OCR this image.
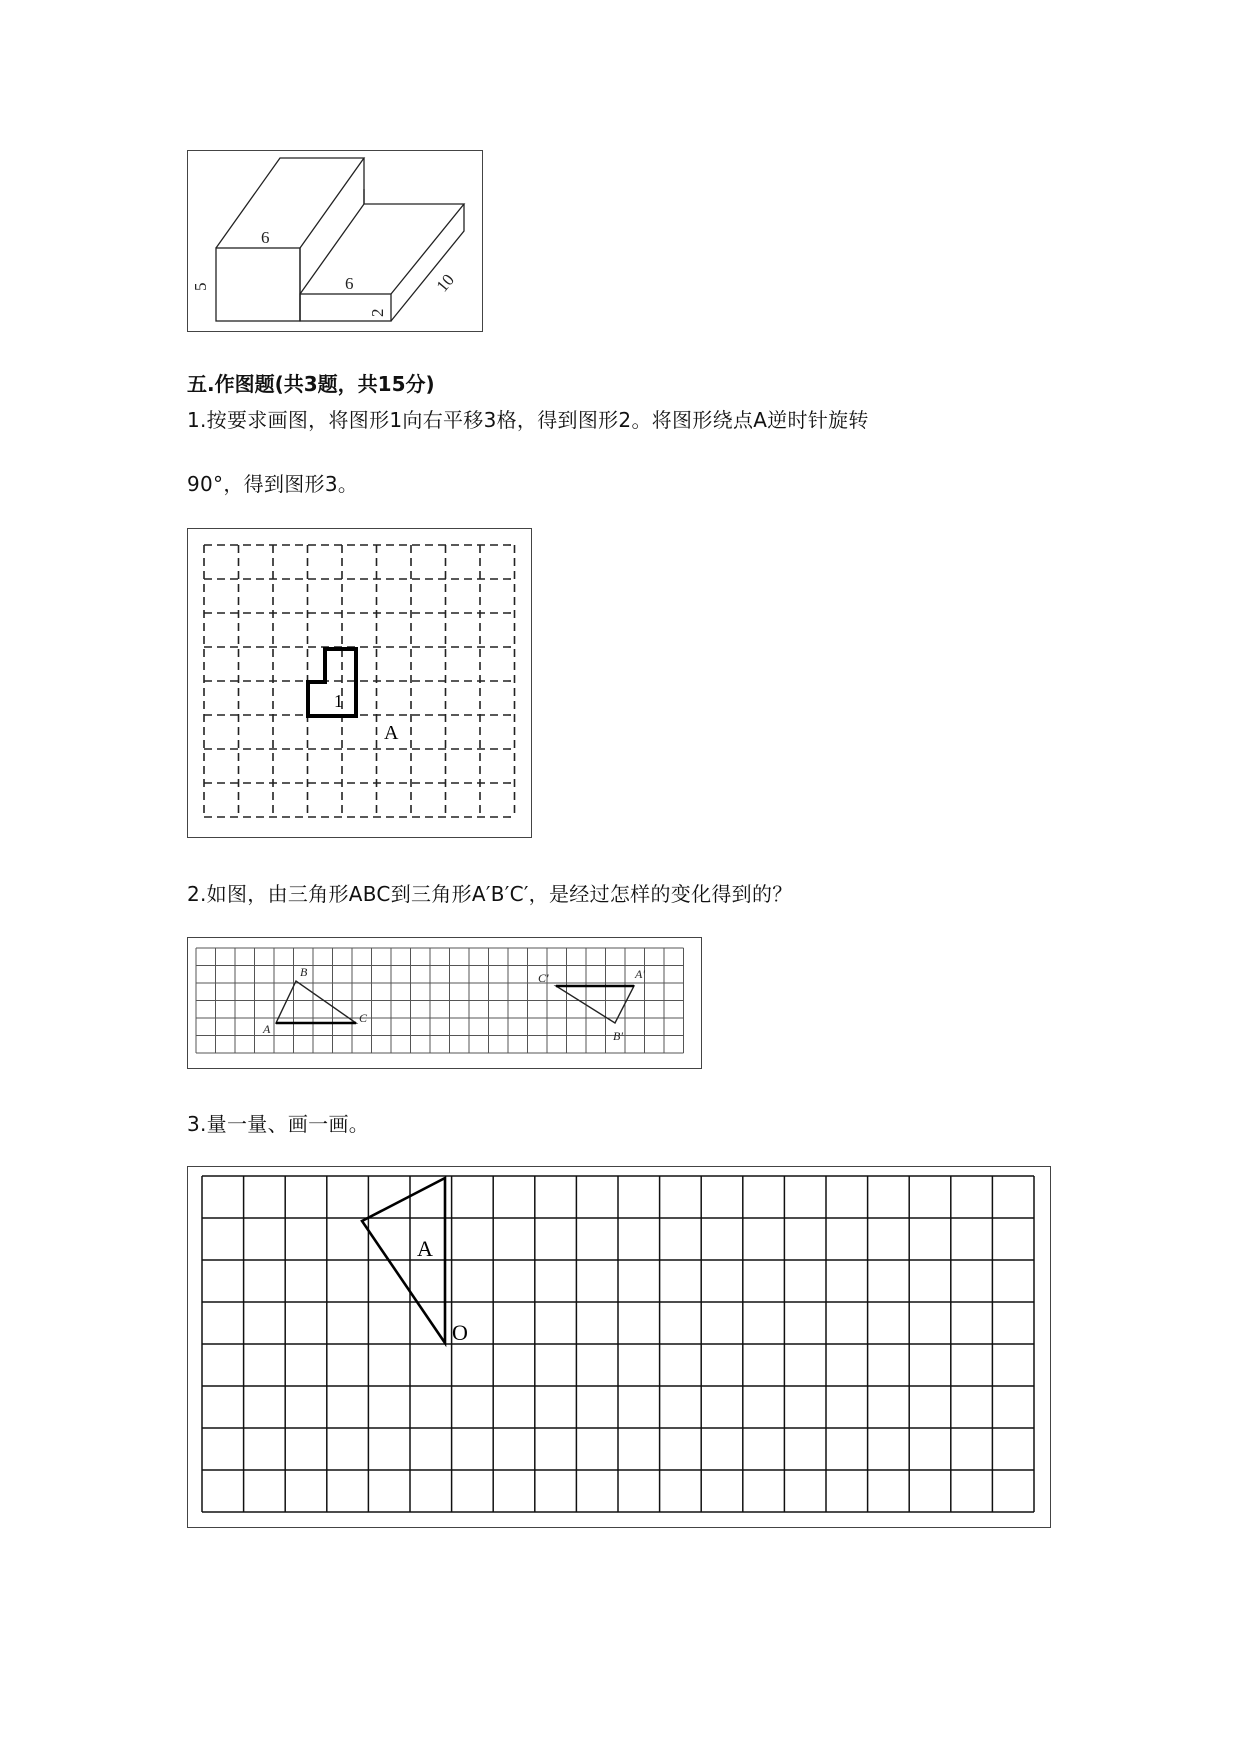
6
6
5
2
10
五.作图题(共3题，共15分)
1.按要求画图，将图形1向右平移3格，得到图形2。将图形绕点A逆时针旋转
90°，得到图形3。
1
A
2.如图，由三角形ABC到三角形A′B′C′，是经过怎样的变化得到的？
A
B
C
C'	A'
B'
3.量一量、画一画。
A
O
